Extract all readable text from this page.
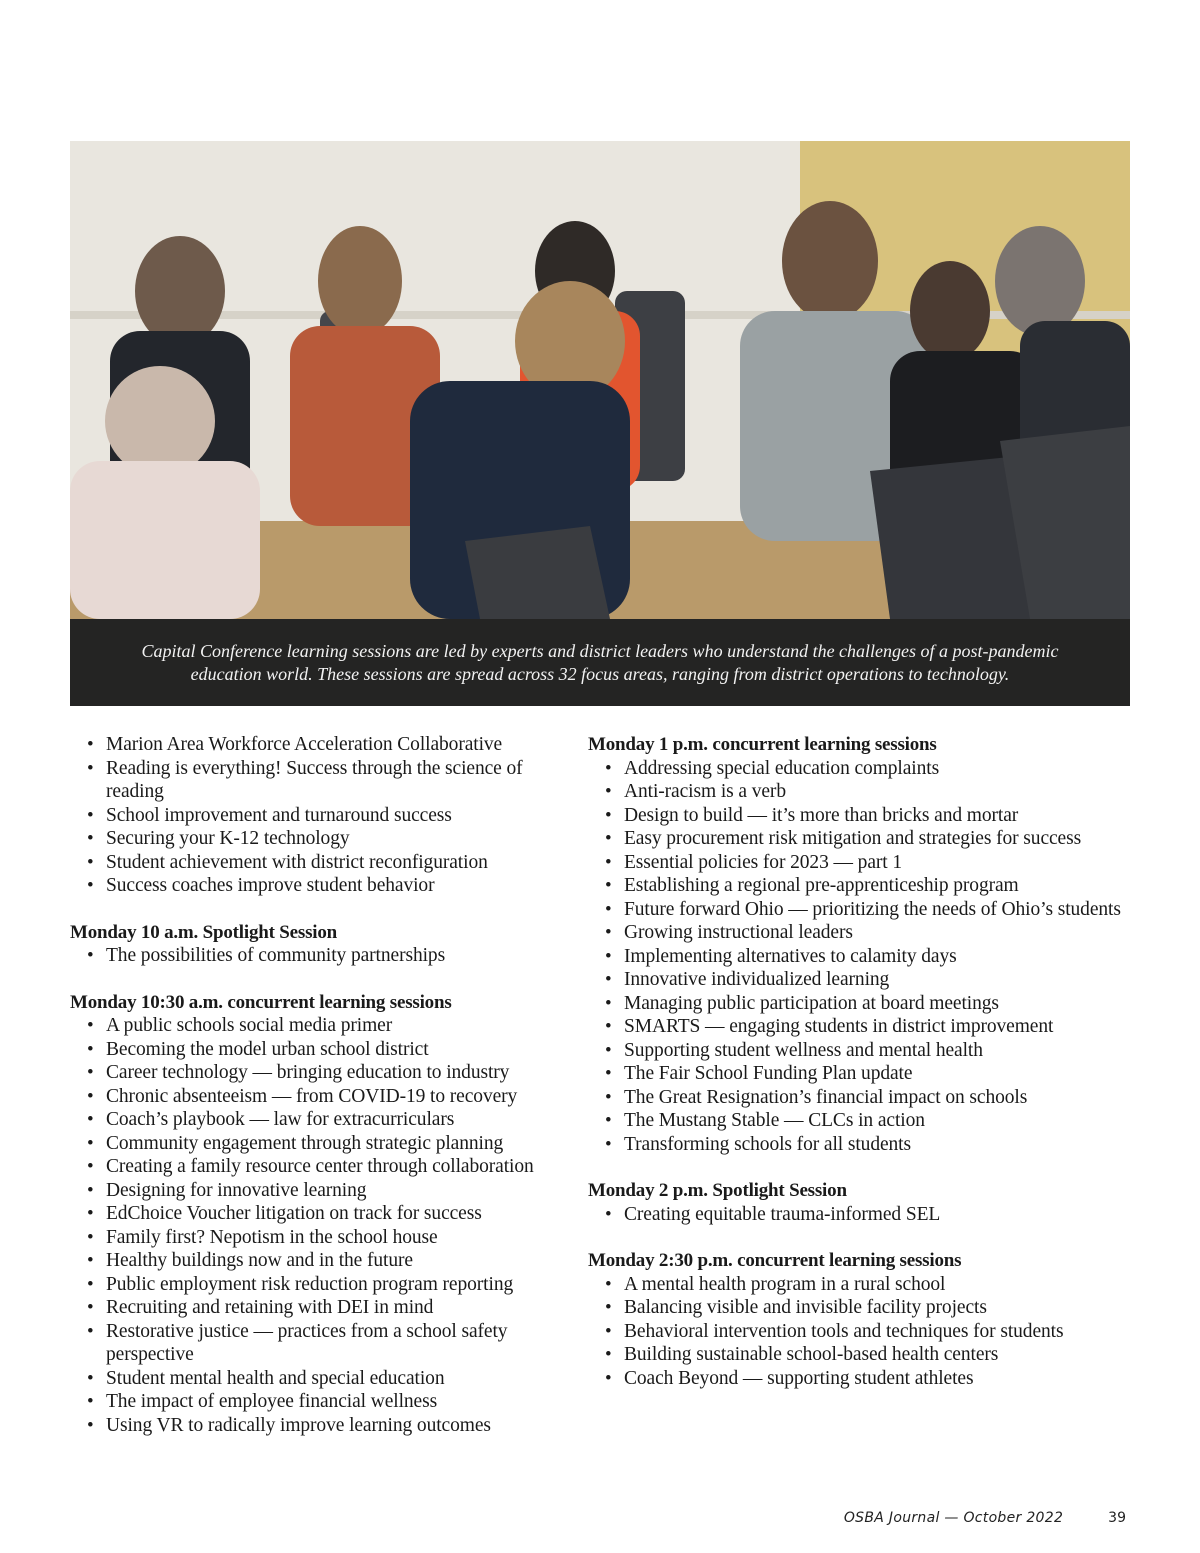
Capital Conference learning sessions are led by experts and district leaders who understand the challenges of a post-pandemic education world. These sessions are spread across 32 focus areas, ranging from district operations to technology.

• Marion Area Workforce Acceleration Collaborative
• Reading is everything! Success through the science of reading
• School improvement and turnaround success
• Securing your K-12 technology
• Student achievement with district reconfiguration
• Success coaches improve student behavior
Monday 10 a.m. Spotlight Session
• The possibilities of community partnerships
Monday 10:30 a.m. concurrent learning sessions
• A public schools social media primer
• Becoming the model urban school district
• Career technology — bringing education to industry
• Chronic absenteeism — from COVID-19 to recovery
• Coach’s playbook — law for extracurriculars
• Community engagement through strategic planning
• Creating a family resource center through collaboration
• Designing for innovative learning
• EdChoice Voucher litigation on track for success
• Family first? Nepotism in the school house
• Healthy buildings now and in the future
• Public employment risk reduction program reporting
• Recruiting and retaining with DEI in mind
• Restorative justice — practices from a school safety perspective
• Student mental health and special education
• The impact of employee financial wellness
• Using VR to radically improve learning outcomes
Monday 1 p.m. concurrent learning sessions
• Addressing special education complaints
• Anti-racism is a verb
• Design to build — it’s more than bricks and mortar
• Easy procurement risk mitigation and strategies for success
• Essential policies for 2023 — part 1
• Establishing a regional pre-apprenticeship program
• Future forward Ohio — prioritizing the needs of Ohio’s students
• Growing instructional leaders
• Implementing alternatives to calamity days
• Innovative individualized learning
• Managing public participation at board meetings
• SMARTS — engaging students in district improvement
• Supporting student wellness and mental health
• The Fair School Funding Plan update
• The Great Resignation’s financial impact on schools
• The Mustang Stable — CLCs in action
• Transforming schools for all students
Monday 2 p.m. Spotlight Session
• Creating equitable trauma-informed SEL
Monday 2:30 p.m. concurrent learning sessions
• A mental health program in a rural school
• Balancing visible and invisible facility projects
• Behavioral intervention tools and techniques for students
• Building sustainable school-based health centers
• Coach Beyond — supporting student athletes
OSBA Journal — October 2022	39
